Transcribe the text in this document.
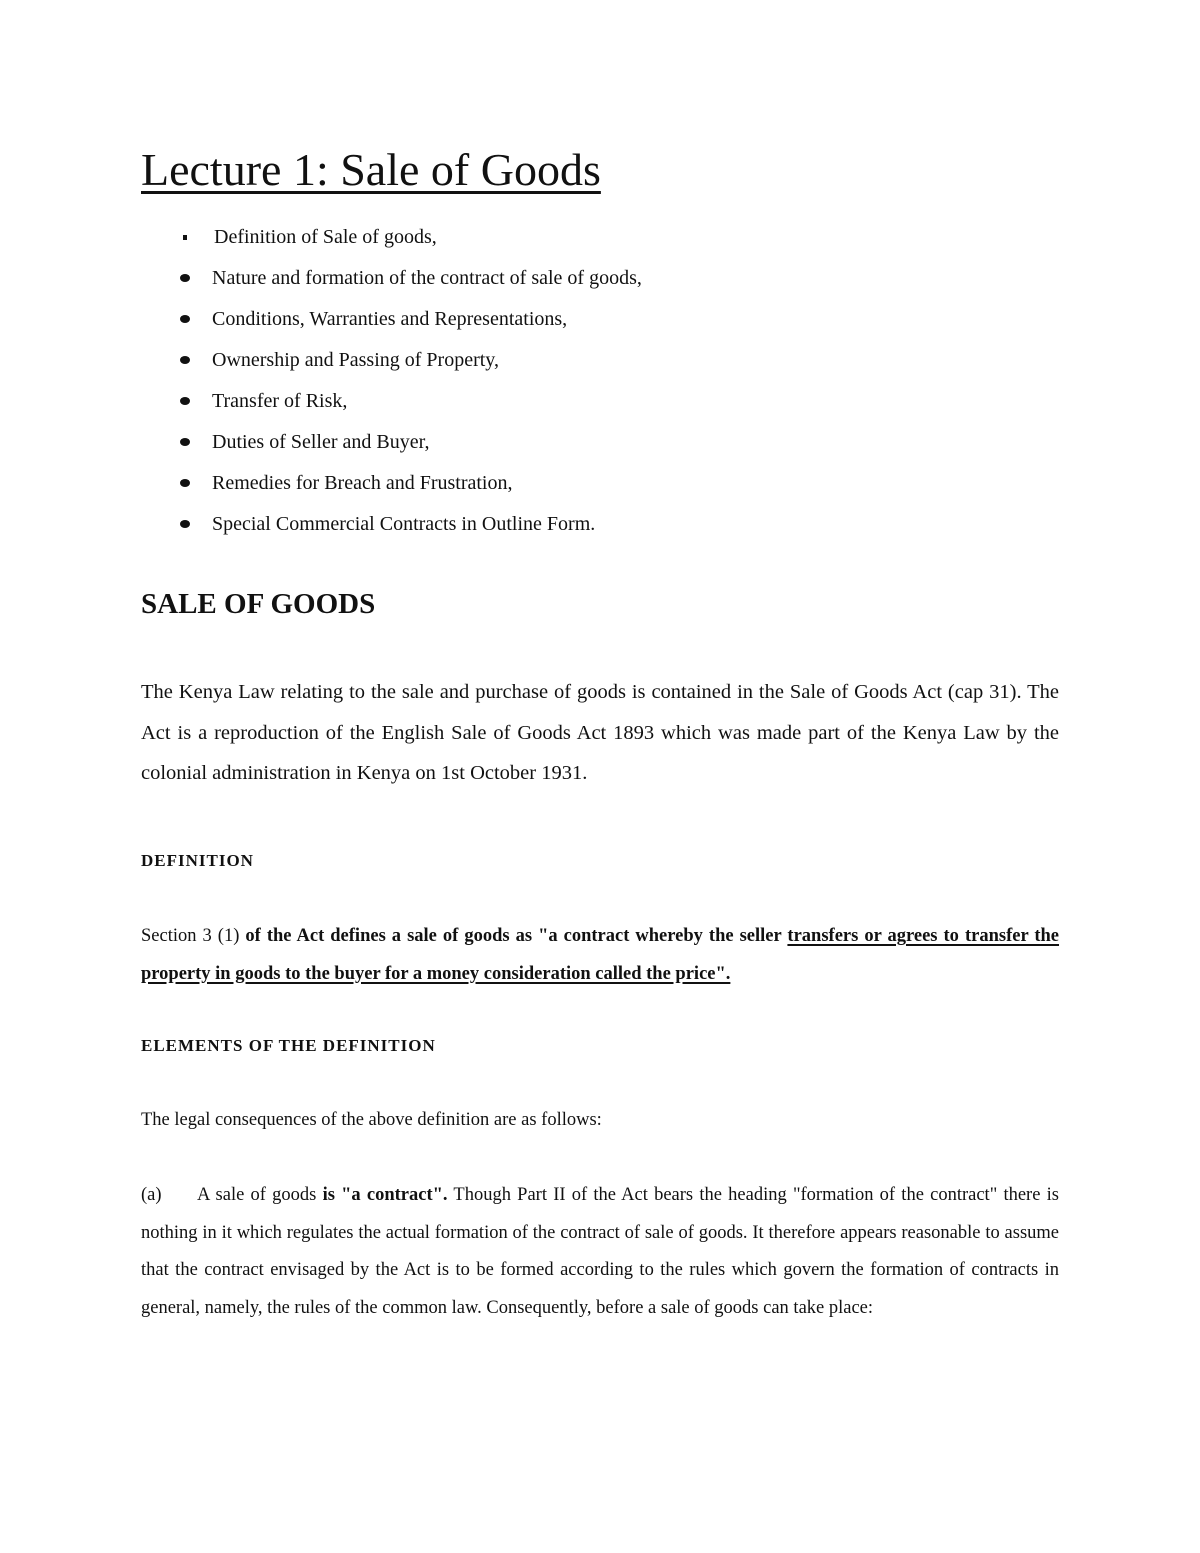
Lecture 1: Sale of Goods
Definition of Sale of goods,
Nature and formation of the contract of sale of goods,
Conditions, Warranties and Representations,
Ownership and Passing of Property,
Transfer of Risk,
Duties of Seller and Buyer,
Remedies for Breach and Frustration,
Special Commercial Contracts in Outline Form.
SALE OF GOODS

The Kenya Law relating to the sale and purchase of goods is contained in the Sale of Goods Act (cap 31). The Act is a reproduction of the English Sale of Goods Act 1893 which was made part of the Kenya Law by the colonial administration in Kenya on 1st October 1931.

DEFINITION

Section 3 (1) of the Act defines a sale of goods as "a contract whereby the seller transfers or agrees to transfer the property in goods to the buyer for a money consideration called the price".

ELEMENTS OF THE DEFINITION

The legal consequences of the above definition are as follows:

(a) A sale of goods is "a contract". Though Part II of the Act bears the heading "formation of the contract" there is nothing in it which regulates the actual formation of the contract of sale of goods. It therefore appears reasonable to assume that the contract envisaged by the Act is to be formed according to the rules which govern the formation of contracts in general, namely, the rules of the common law. Consequently, before a sale of goods can take place:
